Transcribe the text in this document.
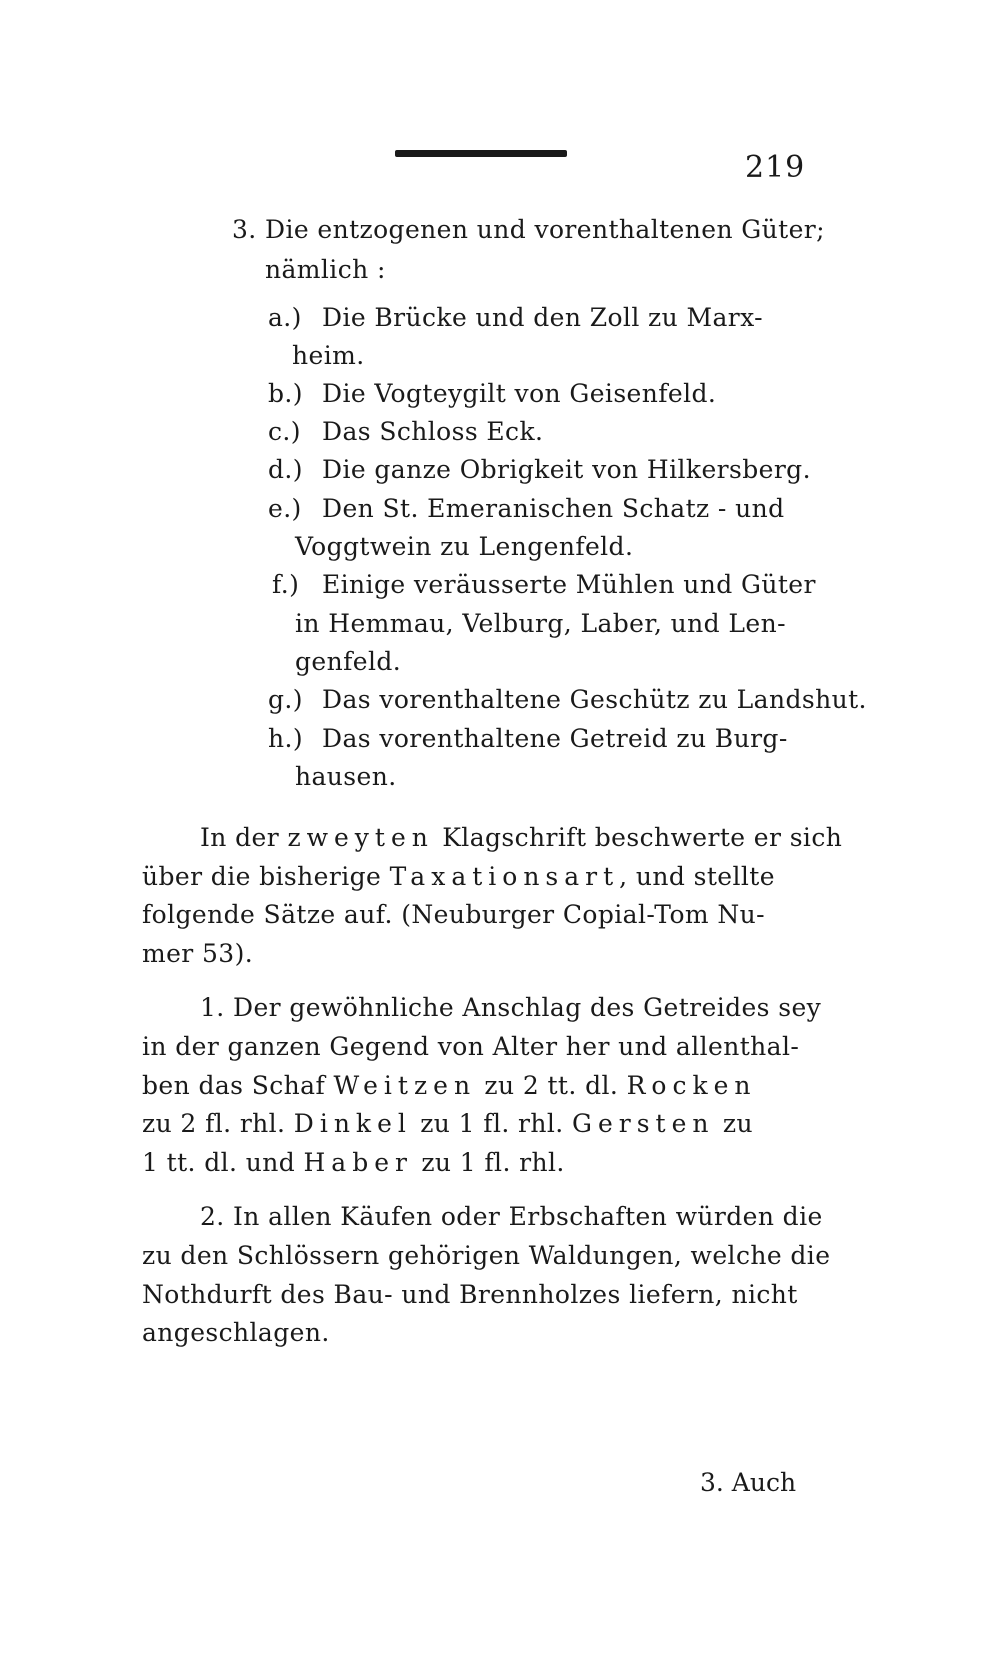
219
3. Die entzogenen und vorenthaltenen Güter;
nämlich :
a.) Die Brücke und den Zoll zu Marx-
heim.
b.) Die Vogteygilt von Geisenfeld.
c.) Das Schloss Eck.
d.) Die ganze Obrigkeit von Hilkersberg.
e.) Den St. Emeranischen Schatz - und
Voggtwein zu Lengenfeld.
f.) Einige veräusserte Mühlen und Güter
in Hemmau, Velburg, Laber, und Len-
genfeld.
g.) Das vorenthaltene Geschütz zu Landshut.
h.) Das vorenthaltene Getreid zu Burg-
hausen.
In der zweyten Klagschrift beschwerte er sich
über die bisherige Taxationsart, und stellte
folgende Sätze auf. (Neuburger Copial-Tom Nu-
mer 53).
1. Der gewöhnliche Anschlag des Getreides sey
in der ganzen Gegend von Alter her und allenthal-
ben das Schaf Weitzen zu 2 tt. dl. Rocken
zu 2 fl. rhl. Dinkel zu 1 fl. rhl. Gersten zu
1 tt. dl. und Haber zu 1 fl. rhl.
2. In allen Käufen oder Erbschaften würden die
zu den Schlössern gehörigen Waldungen, welche die
Nothdurft des Bau- und Brennholzes liefern, nicht
angeschlagen.
3. Auch
